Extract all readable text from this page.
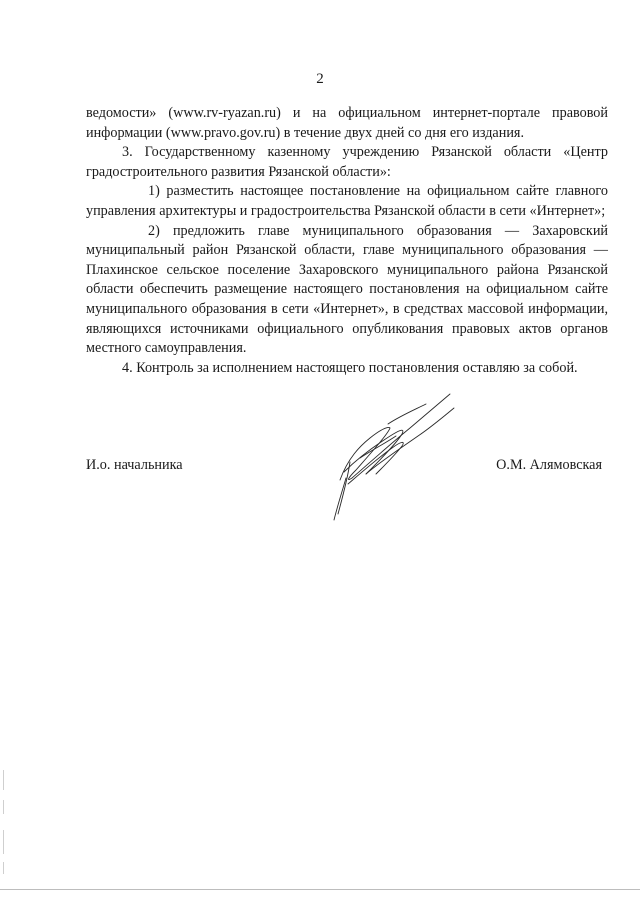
2

ведомости» (www.rv-ryazan.ru) и на официальном интернет-портале правовой информации (www.pravo.gov.ru) в течение двух дней со дня его издания.

3. Государственному казенному учреждению Рязанской области «Центр градостроительного развития Рязанской области»:

1) разместить настоящее постановление на официальном сайте главного управления архитектуры и градостроительства Рязанской области в сети «Интернет»;

2) предложить главе муниципального образования — Захаровский муниципальный район Рязанской области, главе муниципального образования — Плахинское сельское поселение Захаровского муниципального района Рязанской области обеспечить размещение настоящего постановления на официальном сайте муниципального образования в сети «Интернет», в средствах массовой информации, являющихся источниками официального опубликования правовых актов органов местного самоуправления.

4. Контроль за исполнением настоящего постановления оставляю за собой.

И.о. начальника	О.М. Алямовская
